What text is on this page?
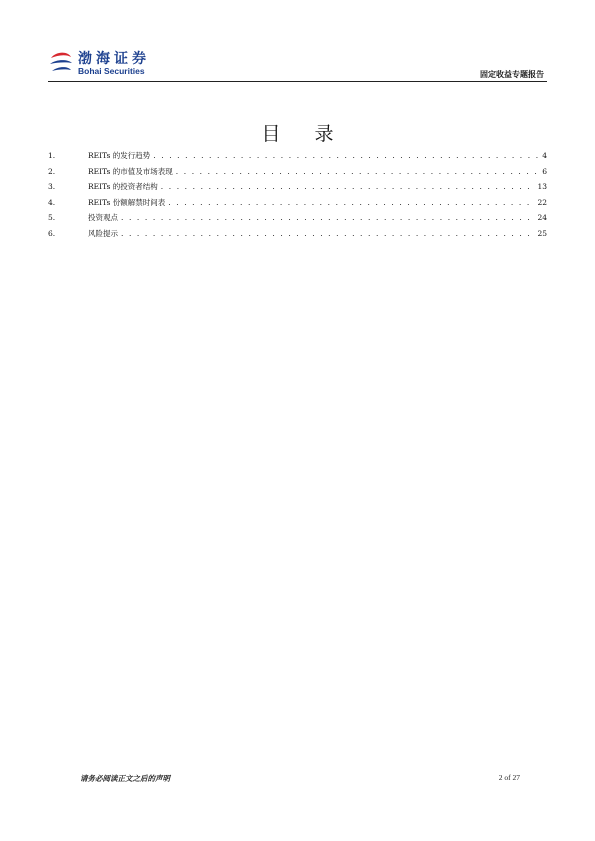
渤海证券
Bohai Securities	固定收益专题报告
目 录
1.	REITs 的发行趋势 . . .	4
2.	REITs 的市值及市场表现 . . .	6
3.	REITs 的投资者结构 . . .	13
4.	REITs 份额解禁时间表 . . .	22
5.	投资观点 . . .	24
6.	风险提示 . . .	25
请务必阅读正文之后的声明	2 of 27
